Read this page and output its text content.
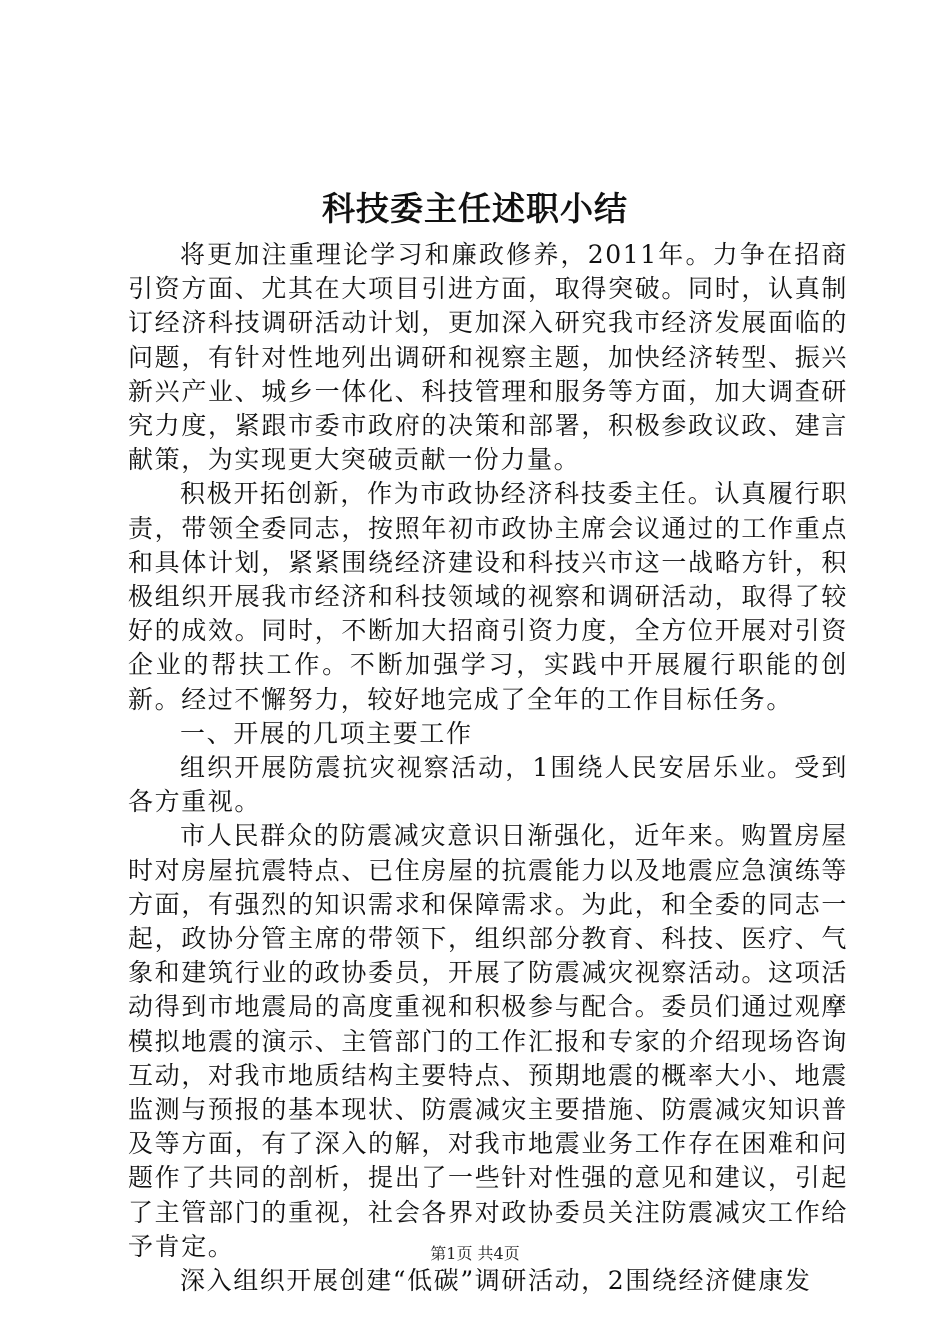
科技委主任述职小结

将更加注重理论学习和廉政修养，2011年。力争在招商引资方面、尤其在大项目引进方面，取得突破。同时，认真制订经济科技调研活动计划，更加深入研究我市经济发展面临的问题，有针对性地列出调研和视察主题，加快经济转型、振兴新兴产业、城乡一体化、科技管理和服务等方面，加大调查研究力度，紧跟市委市政府的决策和部署，积极参政议政、建言献策，为实现更大突破贡献一份力量。

积极开拓创新，作为市政协经济科技委主任。认真履行职责，带领全委同志，按照年初市政协主席会议通过的工作重点和具体计划，紧紧围绕经济建设和科技兴市这一战略方针，积极组织开展我市经济和科技领域的视察和调研活动，取得了较好的成效。同时，不断加大招商引资力度，全方位开展对引资企业的帮扶工作。不断加强学习，实践中开展履行职能的创新。经过不懈努力，较好地完成了全年的工作目标任务。

一、开展的几项主要工作

组织开展防震抗灾视察活动，1围绕人民安居乐业。受到各方重视。

市人民群众的防震减灾意识日渐强化，近年来。购置房屋时对房屋抗震特点、已住房屋的抗震能力以及地震应急演练等方面，有强烈的知识需求和保障需求。为此，和全委的同志一起，政协分管主席的带领下，组织部分教育、科技、医疗、气象和建筑行业的政协委员，开展了防震减灾视察活动。这项活动得到市地震局的高度重视和积极参与配合。委员们通过观摩模拟地震的演示、主管部门的工作汇报和专家的介绍现场咨询互动，对我市地质结构主要特点、预期地震的概率大小、地震监测与预报的基本现状、防震减灾主要措施、防震减灾知识普及等方面，有了深入的解，对我市地震业务工作存在困难和问题作了共同的剖析，提出了一些针对性强的意见和建议，引起了主管部门的重视，社会各界对政协委员关注防震减灾工作给予肯定。

深入组织开展创建“低碳”调研活动，2围绕经济健康发

第1页 共4页
